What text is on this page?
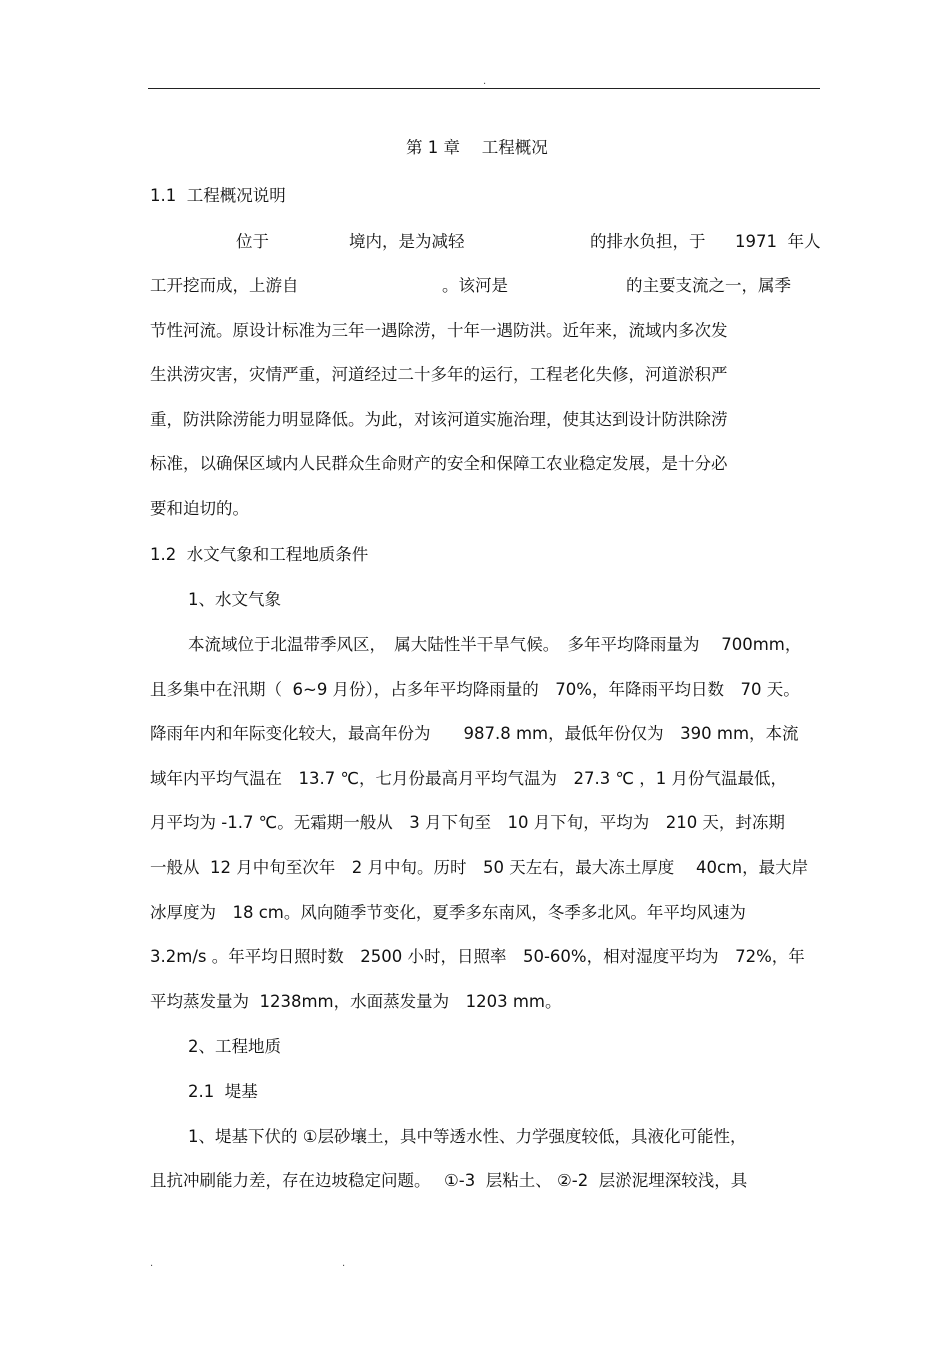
.
第 1 章　 工程概况
1.1  工程概况说明
位于	境内，是为减轻	的排水负担，于 1971  年人
工开挖而成，上游自	。该河是	的主要支流之一，属季
节性河流。原设计标准为三年一遇除涝，十年一遇防洪。近年来，流域内多次发
生洪涝灾害，灾情严重，河道经过二十多年的运行，工程老化失修，河道淤积严
重，防洪除涝能力明显降低。为此，对该河道实施治理，使其达到设计防洪除涝
标准，以确保区域内人民群众生命财产的安全和保障工农业稳定发展，是十分必
要和迫切的。
1.2  水文气象和工程地质条件
1、水文气象
本流域位于北温带季风区，　属大陆性半干旱气候。　多年平均降雨量为　 700mm，
且多集中在汛期（  6~9 月份），占多年平均降雨量的　70%，年降雨平均日数　70 天。
降雨年内和年际变化较大，最高年份为　　987.8 mm，最低年份仅为　390 mm，本流
域年内平均气温在　13.7 ℃，七月份最高月平均气温为　27.3 ℃ ，1 月份气温最低，
月平均为 -1.7 ℃。无霜期一般从　3 月下旬至　10 月下旬，平均为　210 天，封冻期
一般从  12 月中旬至次年　2 月中旬。历时　50 天左右，最大冻土厚度　 40cm，最大岸
冰厚度为　18 cm。风向随季节变化，夏季多东南风，冬季多北风。年平均风速为
3.2m/s 。年平均日照时数　2500 小时，日照率　50-60%，相对湿度平均为　72%，年
平均蒸发量为  1238mm，水面蒸发量为　1203 mm。
2、工程地质
2.1  堤基
1、堤基下伏的 ①层砂壤土，具中等透水性、力学强度较低，具液化可能性，
且抗冲刷能力差，存在边坡稳定问题。　 ①-3  层粘土、 ②-2  层淤泥埋深较浅，具
.	.
